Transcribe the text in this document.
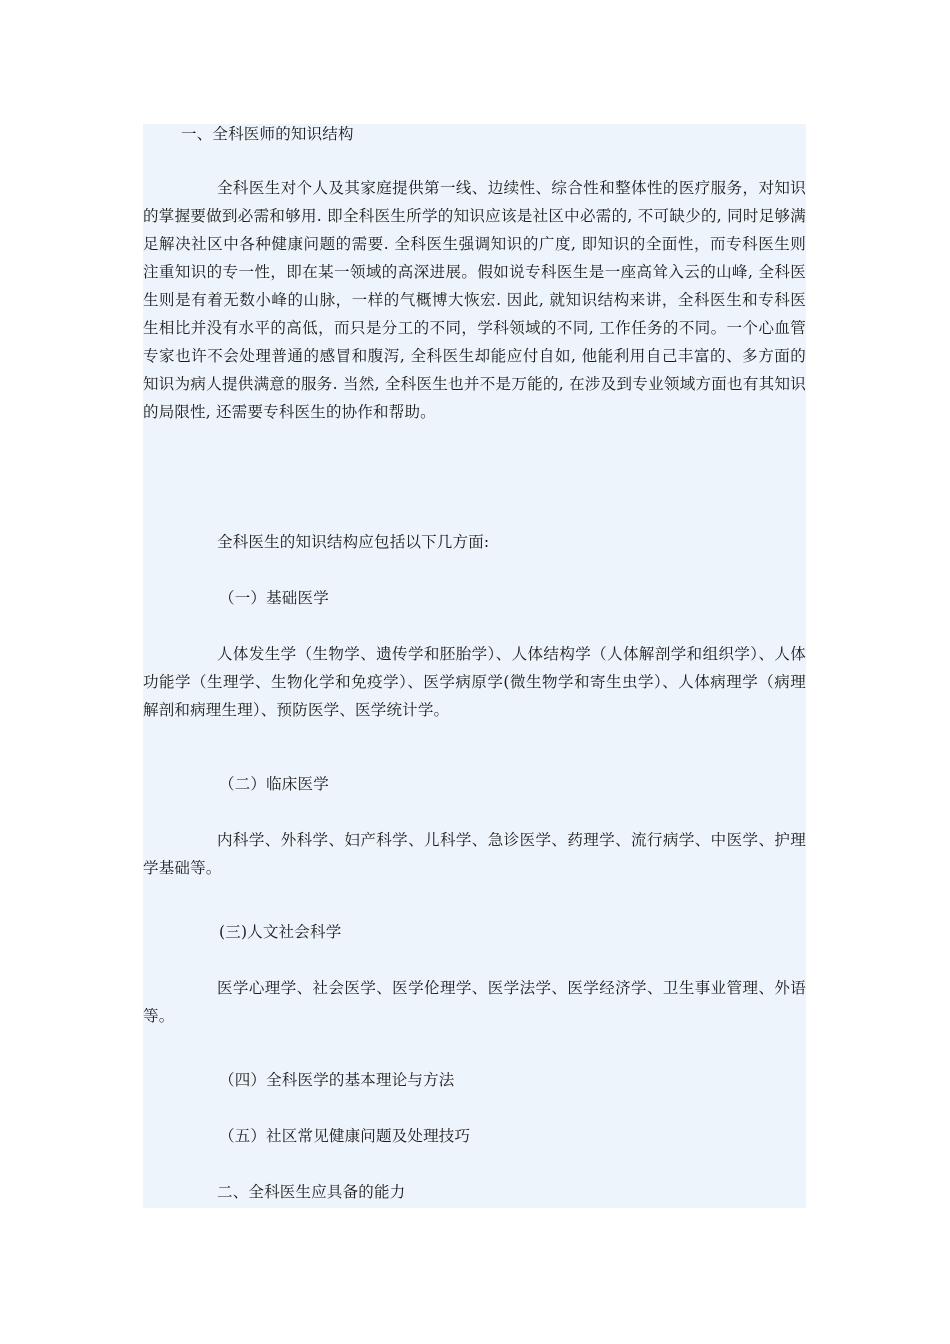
一、全科医师的知识结构

全科医生对个人及其家庭提供第一线、边续性、综合性和整体性的医疗服务，对知识的掌握要做到必需和够用. 即全科医生所学的知识应该是社区中必需的, 不可缺少的, 同时足够满足解决社区中各种健康问题的需要. 全科医生强调知识的广度, 即知识的全面性，而专科医生则注重知识的专一性，即在某一领域的高深进展。假如说专科医生是一座高耸入云的山峰, 全科医生则是有着无数小峰的山脉，一样的气概博大恢宏. 因此, 就知识结构来讲，全科医生和专科医生相比并没有水平的高低，而只是分工的不同，学科领域的不同, 工作任务的不同。一个心血管专家也许不会处理普通的感冒和腹泻, 全科医生却能应付自如, 他能利用自己丰富的、多方面的知识为病人提供满意的服务. 当然, 全科医生也并不是万能的, 在涉及到专业领域方面也有其知识的局限性, 还需要专科医生的协作和帮助。

全科医生的知识结构应包括以下几方面:

（一）基础医学

人体发生学（生物学、遗传学和胚胎学）、人体结构学（人体解剖学和组织学）、人体功能学（生理学、生物化学和免疫学）、医学病原学(微生物学和寄生虫学）、人体病理学（病理解剖和病理生理）、预防医学、医学统计学。

（二）临床医学

内科学、外科学、妇产科学、儿科学、急诊医学、药理学、流行病学、中医学、护理学基础等。

(三)人文社会科学

医学心理学、社会医学、医学伦理学、医学法学、医学经济学、卫生事业管理、外语等。

（四）全科医学的基本理论与方法

（五）社区常见健康问题及处理技巧

二、全科医生应具备的能力
